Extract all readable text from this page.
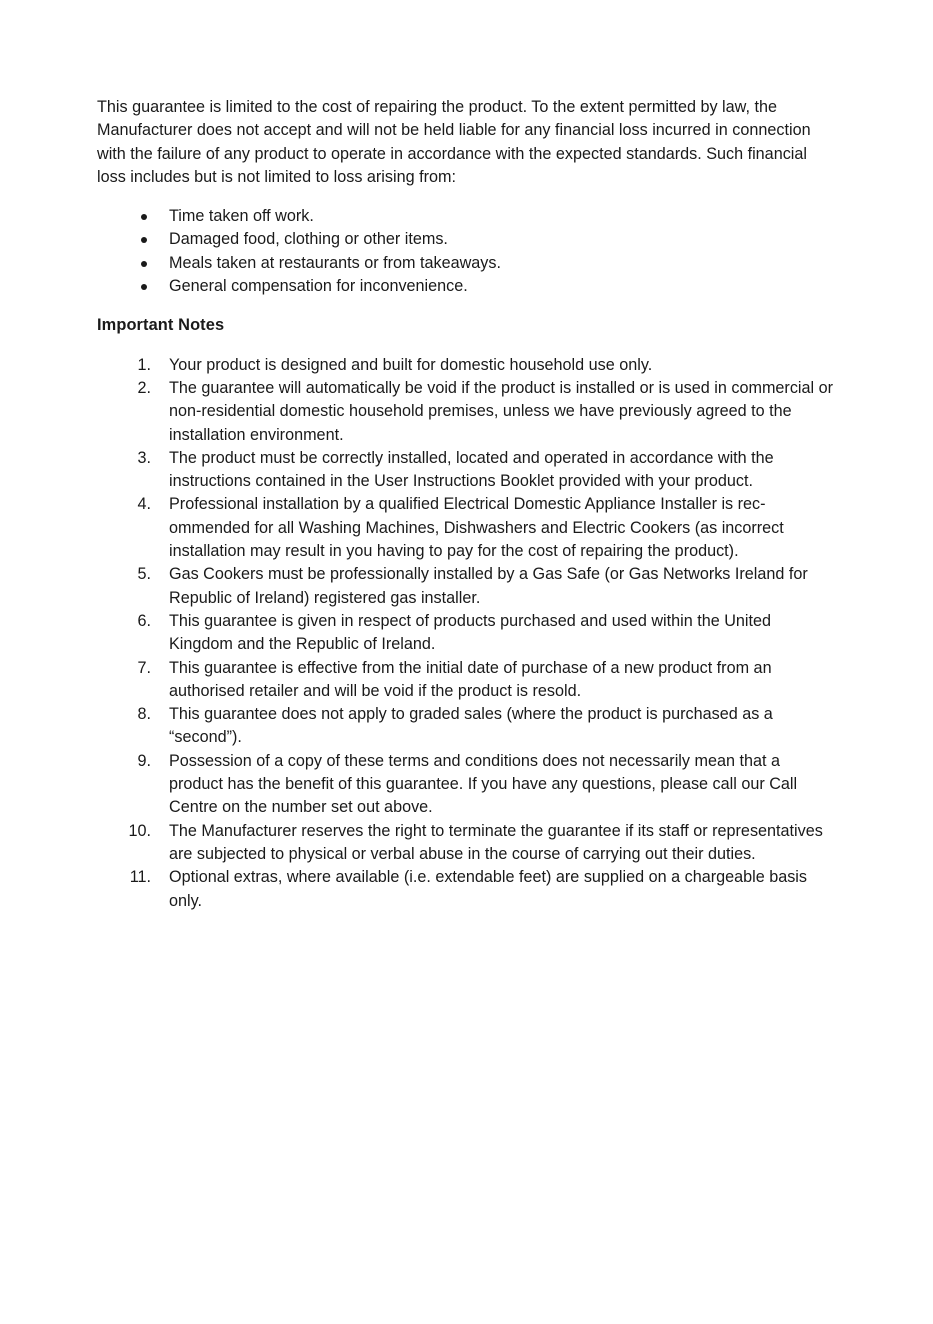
This guarantee is limited to the cost of repairing the product. To the extent permitted by law, the Manufacturer does not accept and will not be held liable for any financial loss incurred in connection with the failure of any product to operate in accordance with the expected standards. Such financial loss includes but is not limited to loss arising from:

Time taken off work.
Damaged food, clothing or other items.
Meals taken at restaurants or from takeaways.
General compensation for inconvenience.
Important Notes
1. Your product is designed and built for domestic household use only.
2. The guarantee will automatically be void if the product is installed or is used in commercial or non-residential domestic household premises, unless we have previously agreed to the installation environment.
3. The product must be correctly installed, located and operated in accordance with the instructions contained in the User Instructions Booklet provided with your product.
4. Professional installation by a qualified Electrical Domestic Appliance Installer is recommended for all Washing Machines, Dishwashers and Electric Cookers (as incorrect installation may result in you having to pay for the cost of repairing the product).
5. Gas Cookers must be professionally installed by a Gas Safe (or Gas Networks Ireland for Republic of Ireland) registered gas installer.
6. This guarantee is given in respect of products purchased and used within the United Kingdom and the Republic of Ireland.
7. This guarantee is effective from the initial date of purchase of a new product from an authorised retailer and will be void if the product is resold.
8. This guarantee does not apply to graded sales (where the product is purchased as a “second”).
9. Possession of a copy of these terms and conditions does not necessarily mean that a product has the benefit of this guarantee. If you have any questions, please call our Call Centre on the number set out above.
10. The Manufacturer reserves the right to terminate the guarantee if its staff or representatives are subjected to physical or verbal abuse in the course of carrying out their duties.
11. Optional extras, where available (i.e. extendable feet) are supplied on a chargeable basis only.
